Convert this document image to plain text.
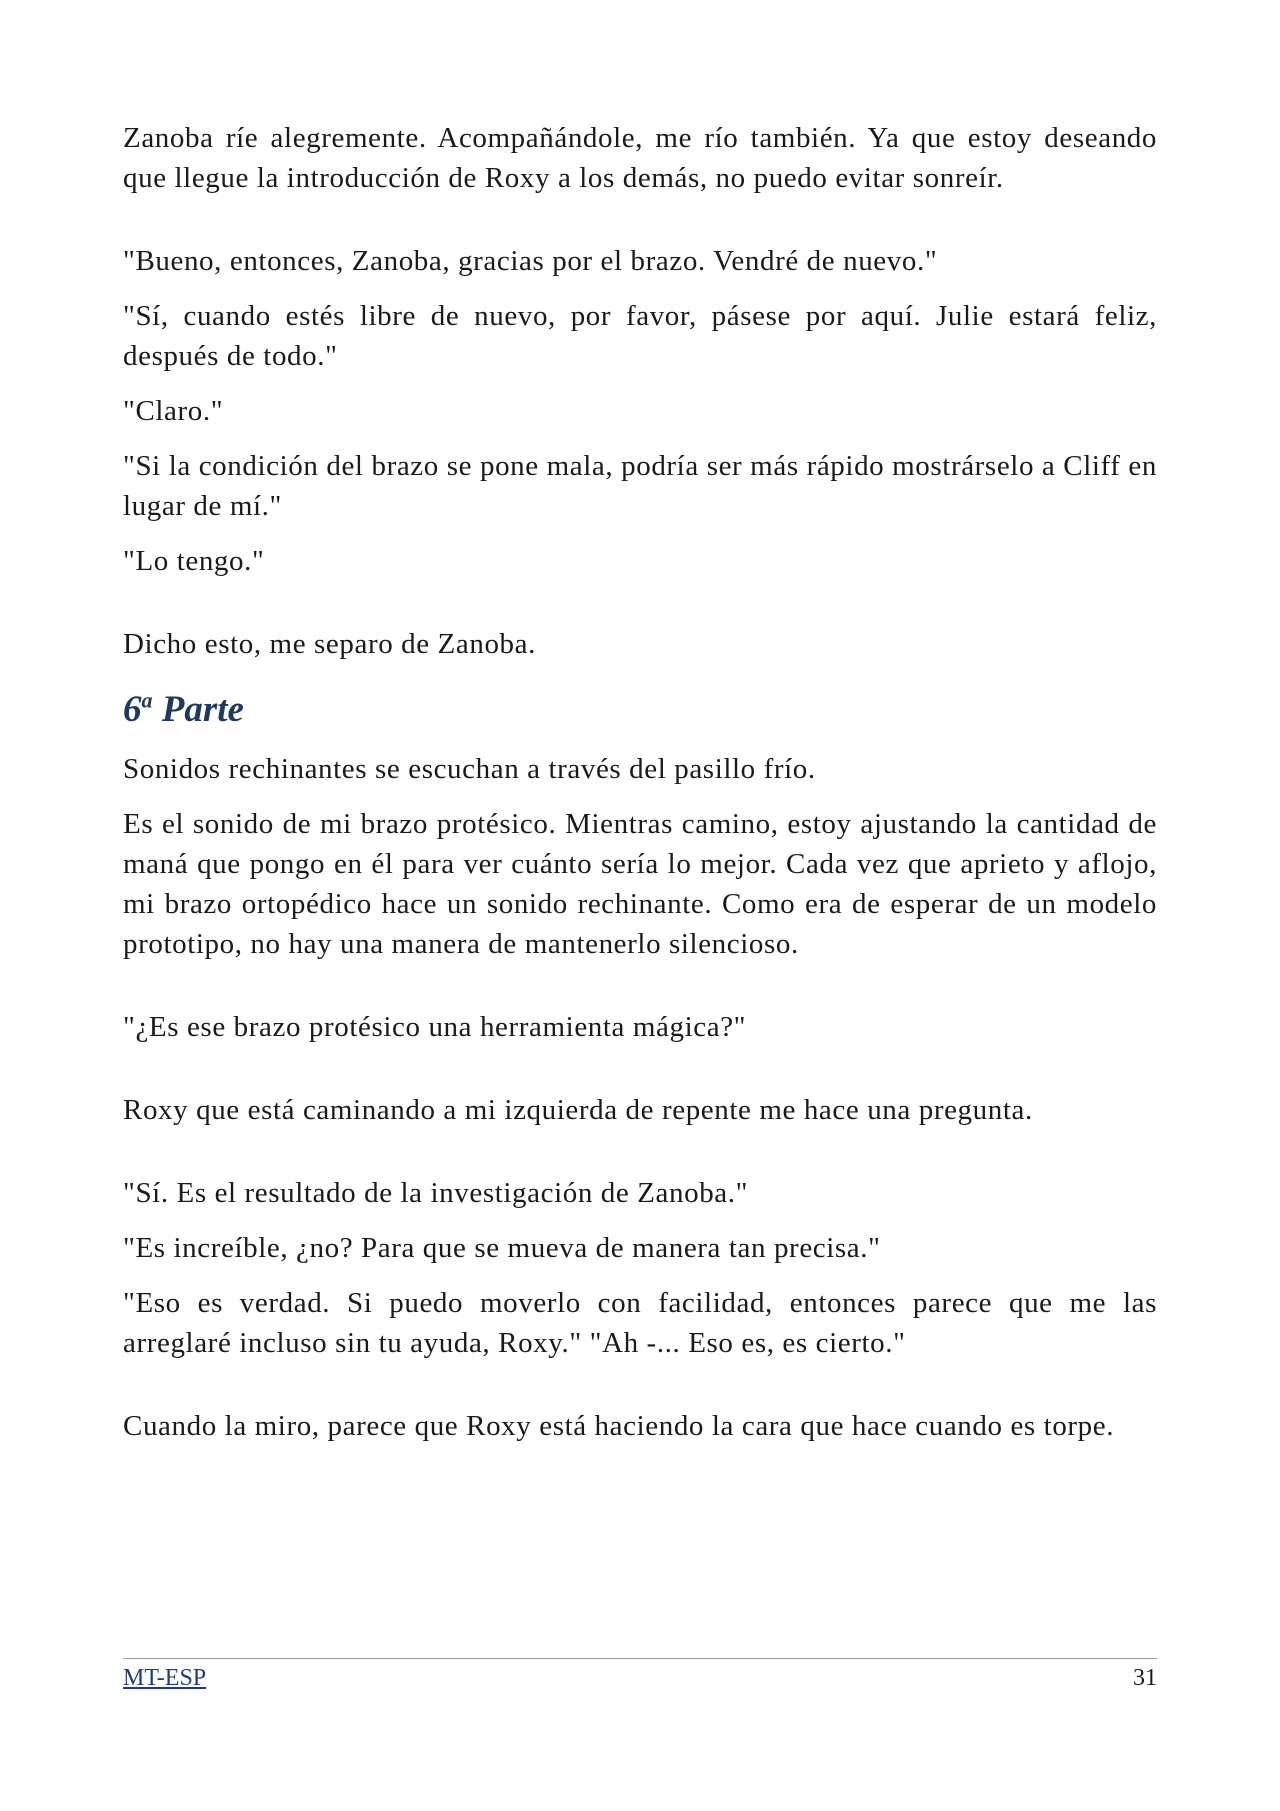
Zanoba ríe alegremente. Acompañándole, me río también. Ya que estoy deseando que llegue la introducción de Roxy a los demás, no puedo evitar sonreír.

"Bueno, entonces, Zanoba, gracias por el brazo. Vendré de nuevo."

"Sí, cuando estés libre de nuevo, por favor, pásese por aquí. Julie estará feliz, después de todo."

"Claro."

"Si la condición del brazo se pone mala, podría ser más rápido mostrárselo a Cliff en lugar de mí."

"Lo tengo."

Dicho esto, me separo de Zanoba.

6$^a$ Parte

Sonidos rechinantes se escuchan a través del pasillo frío.

Es el sonido de mi brazo protésico. Mientras camino, estoy ajustando la cantidad de maná que pongo en él para ver cuánto sería lo mejor. Cada vez que aprieto y aflojo, mi brazo ortopédico hace un sonido rechinante. Como era de esperar de un modelo prototipo, no hay una manera de mantenerlo silencioso.

"¿Es ese brazo protésico una herramienta mágica?"

Roxy que está caminando a mi izquierda de repente me hace una pregunta.

"Sí. Es el resultado de la investigación de Zanoba."

"Es increíble, ¿no? Para que se mueva de manera tan precisa."

"Eso es verdad. Si puedo moverlo con facilidad, entonces parece que me las arreglaré incluso sin tu ayuda, Roxy." "Ah -... Eso es, es cierto."

Cuando la miro, parece que Roxy está haciendo la cara que hace cuando es torpe.

MT-ESP	31
